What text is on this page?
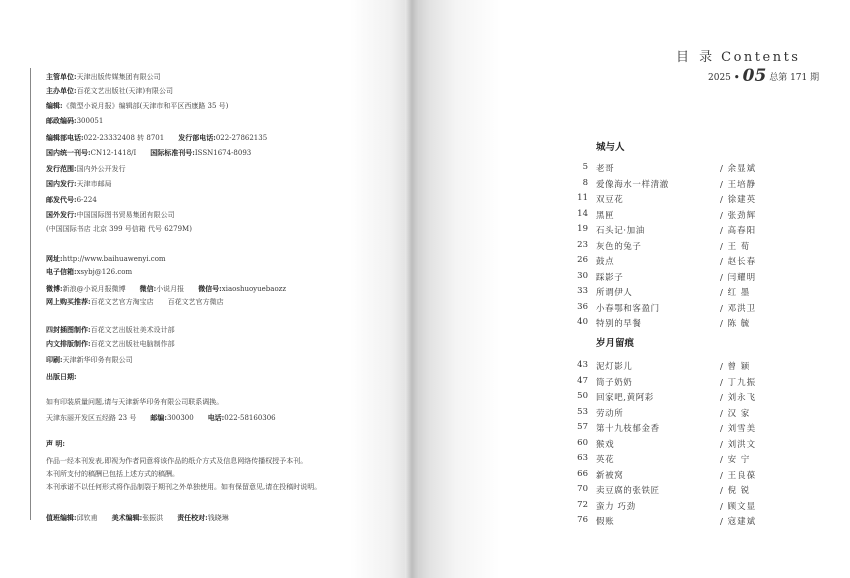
主管单位:天津出版传媒集团有限公司
主办单位:百花文艺出版社(天津)有限公司
编辑:《微型小说月报》编辑部(天津市和平区西康路 35 号)
邮政编码:300051
编辑部电话:022-23332408 转 8701 发行部电话:022-27862135
国内统一刊号:CN12-1418/I 国际标准刊号:ISSN1674-8093
发行范围:国内外公开发行
国内发行:天津市邮局
邮发代号:6-224
国外发行:中国国际图书贸易集团有限公司
(中国国际书店 北京 399 号信箱 代号 6279M)
网址:http://www.baihuawenyi.com
电子信箱:xsybj@126.com
微博:新浪@小说月报微博 微信:小说月报 微信号:xiaoshuoyuebaozz
网上购买推荐:百花文艺官方淘宝店 百花文艺官方微店
四封插图制作:百花文艺出版社美术设计部
内文排版制作:百花文艺出版社电脑制作部
印刷:天津新华印务有限公司
出版日期:
如有印装质量问题,请与天津新华印务有限公司联系调换。
天津东丽开发区五经路 23 号 邮编:300300 电话:022-58160306
声 明:
作品一经本刊发表,即视为作者同意将该作品的纸介方式及信息网络传播权授予本刊。
本刊所支付的稿酬已包括上述方式的稿酬。
本刊承诺不以任何形式将作品制裂于期刊之外单独使用。如有保留意见,请在投稿时说明。
值班编辑:邱钦甫 美术编辑:张振洪 责任校对:钱晓琳
目 录 Contents
2025 • 05 总第 171 期
城与人
5 老哥	/ 余显斌
8 爱像海水一样清澈	/ 王培静
11 双豆花	/ 徐建英
14 黑匣	/ 张劲辉
19 石头记·加油	/ 高春阳
23 灰色的兔子	/ 王 荀
26 鼓点	/ 赵长春
30 踩影子	/ 闫耀明
33 所谓伊人	/ 红 墨
36 小春鄂和客盈门	/ 邓洪卫
40 特别的早餐	/ 陈 毓
岁月留痕
43 泥灯影儿	/ 曾 颖
47 筒子奶奶	/ 丁九振
50 回家吧,黄阿彩	/ 刘永飞
53 劳动所	/ 汉 家
57 第十九枝郁金香	/ 刘雪美
60 猴戏	/ 刘洪文
63 英花	/ 安 宁
66 新被窝	/ 王良葆
70 卖豆腐的张铁匠	/ 倪 锐
72 蛮力 巧劲	/ 顾文显
76 假账	/ 寇建斌
